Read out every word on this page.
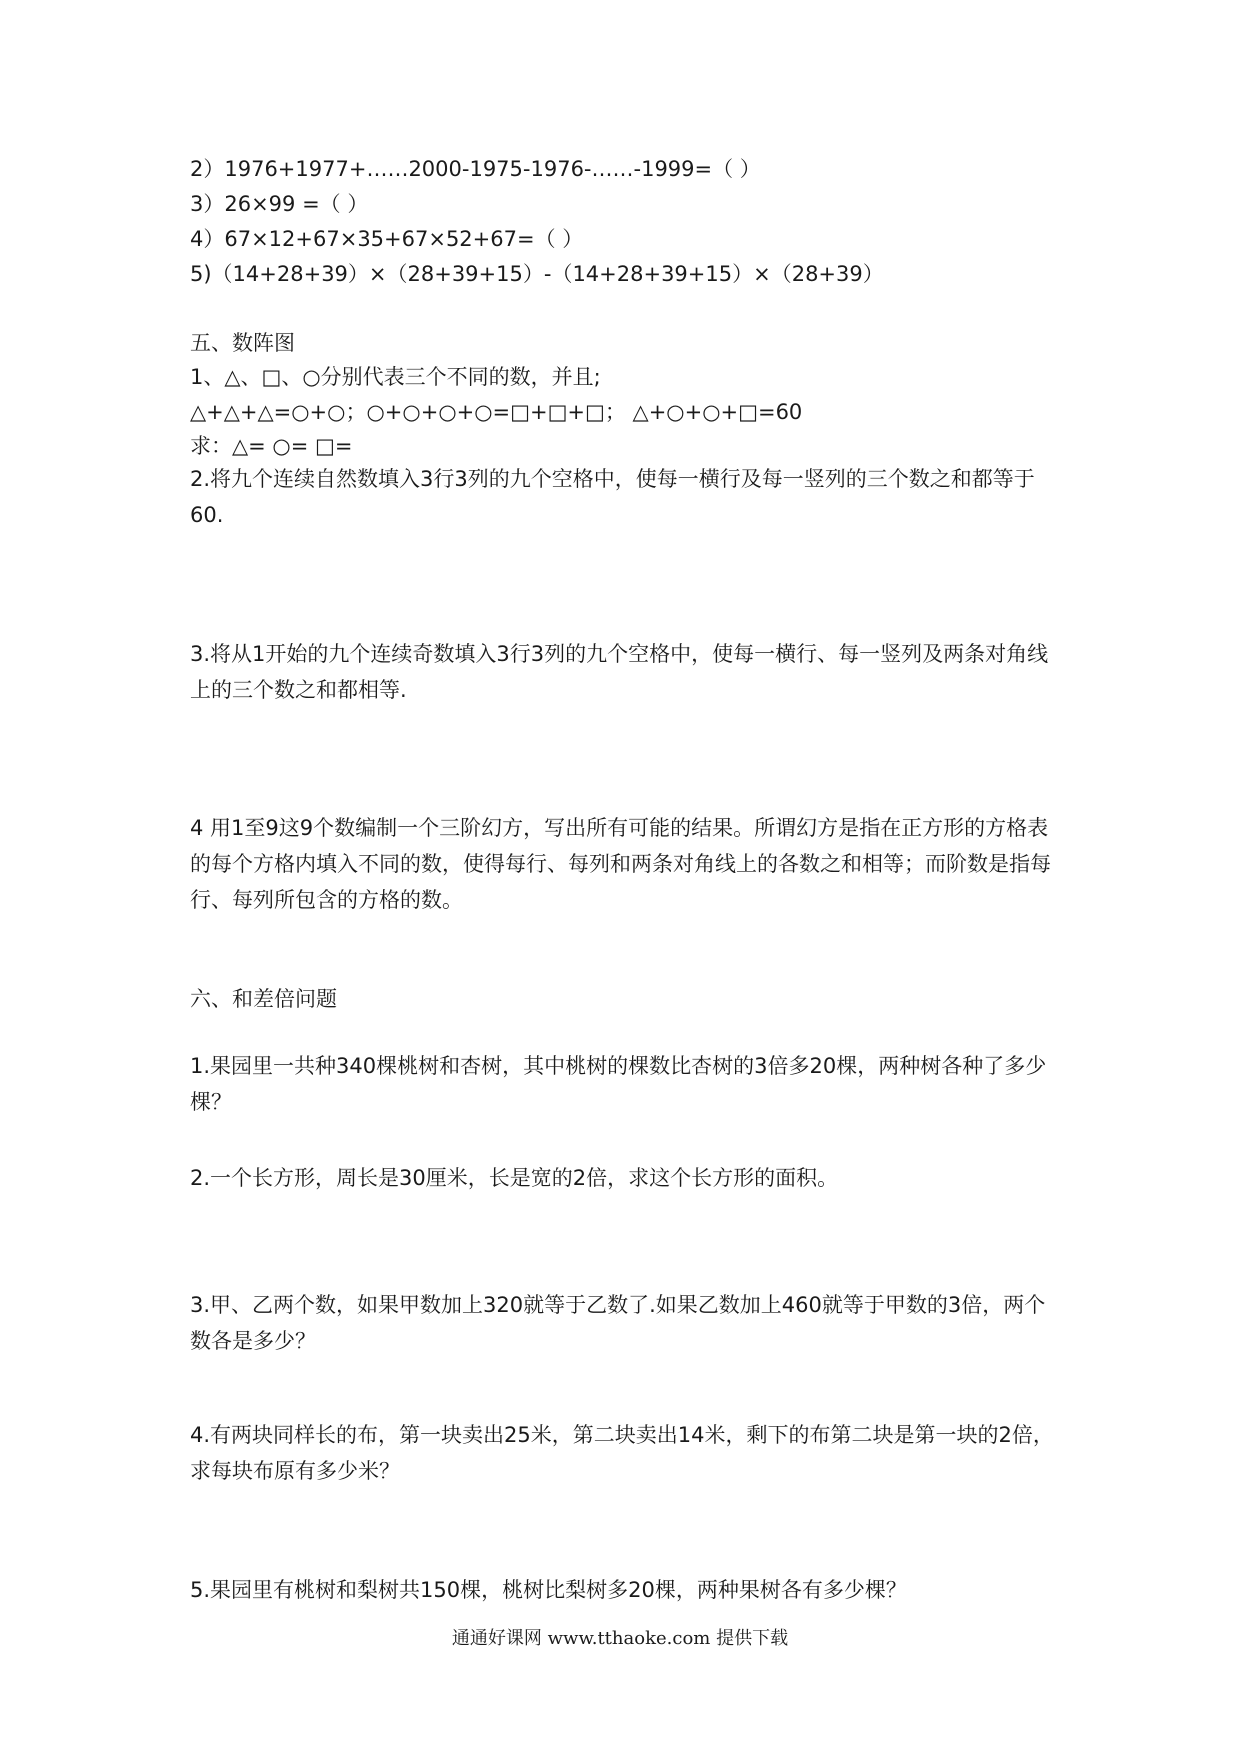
2）1976+1977+……2000-1975-1976-……-1999=（ ）
3）26×99 =（ ）
4）67×12+67×35+67×52+67=（ ）
5)（14+28+39）×（28+39+15）-（14+28+39+15）×（28+39）
五、数阵图
1、△、□、○分别代表三个不同的数，并且;
△+△+△=○+○；○+○+○+○=□+□+□； △+○+○+□=60
求：△= ○= □=
2.将九个连续自然数填入3行3列的九个空格中，使每一横行及每一竖列的三个数之和都等于60.
3.将从1开始的九个连续奇数填入3行3列的九个空格中，使每一横行、每一竖列及两条对角线上的三个数之和都相等.
4 用1至9这9个数编制一个三阶幻方，写出所有可能的结果。所谓幻方是指在正方形的方格表的每个方格内填入不同的数，使得每行、每列和两条对角线上的各数之和相等；而阶数是指每行、每列所包含的方格的数。
六、和差倍问题
1.果园里一共种340棵桃树和杏树，其中桃树的棵数比杏树的3倍多20棵，两种树各种了多少棵？
2.一个长方形，周长是30厘米，长是宽的2倍，求这个长方形的面积。
3.甲、乙两个数，如果甲数加上320就等于乙数了.如果乙数加上460就等于甲数的3倍，两个数各是多少？
4.有两块同样长的布，第一块卖出25米，第二块卖出14米，剩下的布第二块是第一块的2倍，求每块布原有多少米？
5.果园里有桃树和梨树共150棵，桃树比梨树多20棵，两种果树各有多少棵？
通通好课网 www.tthaoke.com 提供下载
